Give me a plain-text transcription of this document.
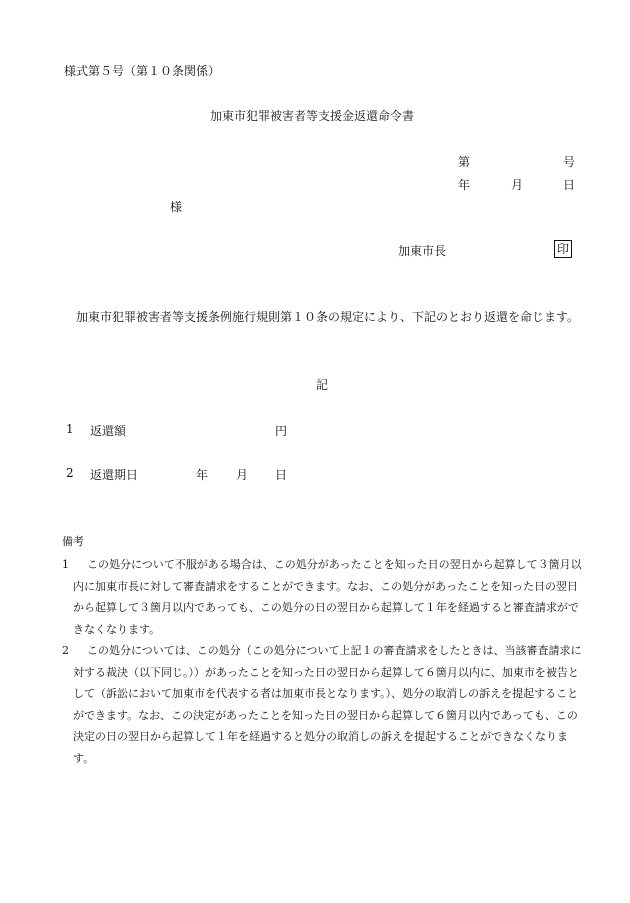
様式第５号（第１０条関係）
加東市犯罪被害者等支援金返還命令書
第	号
年	月	日
様
加東市長	印

加東市犯罪被害者等支援条例施行規則第１０条の規定により、下記のとおり返還を命じます。

記
1 返還額	円
2 返還期日	年 月 日
備考
1	この処分について不服がある場合は、この処分があったことを知った日の翌日から起算して３箇月以内に加東市長に対して審査請求をすることができます。なお、この処分があったことを知った日の翌日から起算して３箇月以内であっても、この処分の日の翌日から起算して１年を経過すると審査請求ができなくなります。
2	この処分については、この処分（この処分について上記１の審査請求をしたときは、当該審査請求に対する裁決（以下同じ。））があったことを知った日の翌日から起算して６箇月以内に、加東市を被告として（訴訟において加東市を代表する者は加東市長となります。）、処分の取消しの訴えを提起することができます。なお、この決定があったことを知った日の翌日から起算して６箇月以内であっても、この決定の日の翌日から起算して１年を経過すると処分の取消しの訴えを提起することができなくなります。
